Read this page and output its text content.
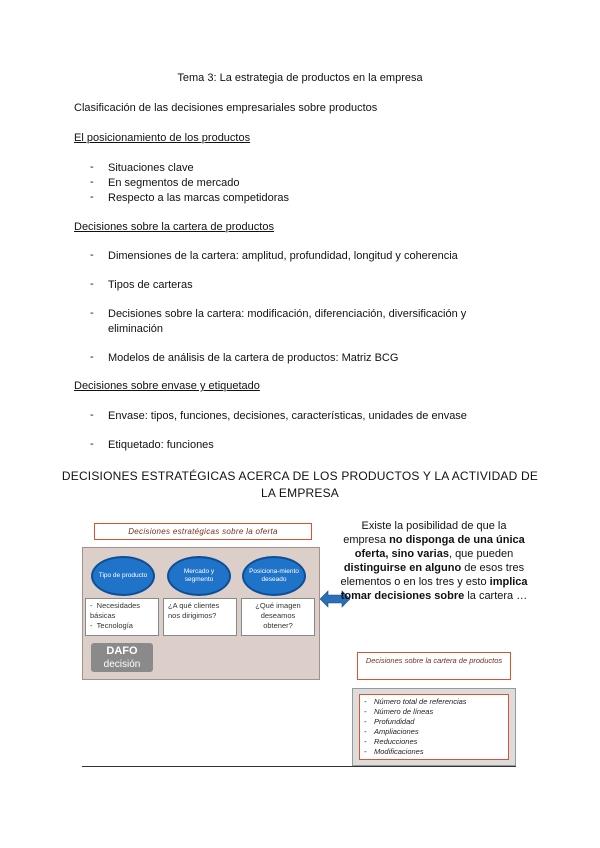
Tema 3: La estrategia de productos en la empresa
Clasificación de las decisiones empresariales sobre productos
El posicionamiento de los productos
- Situaciones clave
- En segmentos de mercado
- Respecto a las marcas competidoras
Decisiones sobre la cartera de productos
- Dimensiones de la cartera: amplitud, profundidad, longitud y coherencia
- Tipos de carteras
- Decisiones sobre la cartera: modificación, diferenciación, diversificación y eliminación
- Modelos de análisis de la cartera de productos: Matriz BCG
Decisiones sobre envase y etiquetado
- Envase: tipos, funciones, decisiones, características, unidades de envase
- Etiquetado: funciones
DECISIONES ESTRATÉGICAS ACERCA DE LOS PRODUCTOS Y LA ACTIVIDAD DE LA EMPRESA
Decisiones estratégicas sobre la oferta
Tipo de producto
Mercado y segmento
Posiciona-miento deseado
- Necesidades básicas
- Tecnología
¿A qué clientes nos dirigimos?
¿Qué imagen deseamos obtener?
DAFO
decisión
Existe la posibilidad de que la empresa no disponga de una única oferta, sino varias, que pueden distinguirse en alguno de esos tres elementos o en los tres y esto implica tomar decisiones sobre la cartera …
Decisiones sobre la cartera de productos
- Número total de referencias
- Número de líneas
- Profundidad
- Ampliaciones
- Reducciones
- Modificaciones
